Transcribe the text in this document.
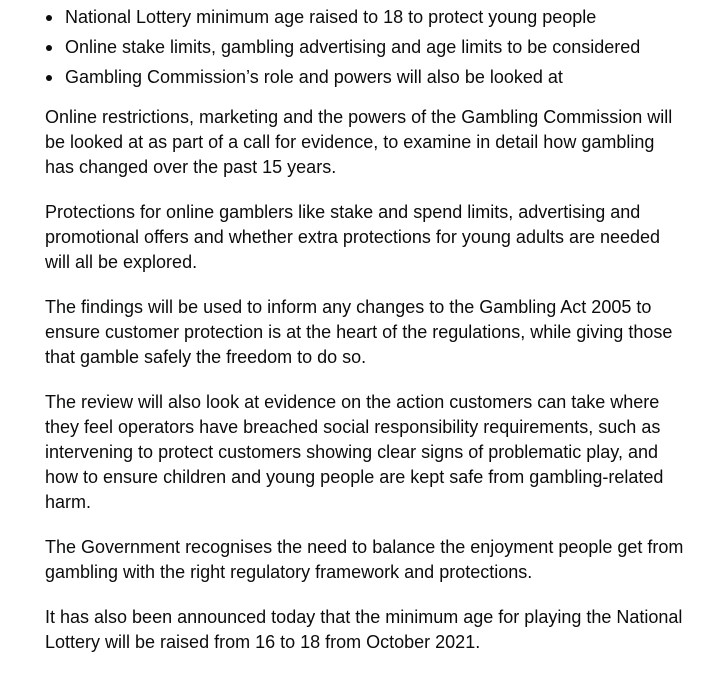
National Lottery minimum age raised to 18 to protect young people
Online stake limits, gambling advertising and age limits to be considered
Gambling Commission’s role and powers will also be looked at

Online restrictions, marketing and the powers of the Gambling Commission will be looked at as part of a call for evidence, to examine in detail how gambling has changed over the past 15 years.

Protections for online gamblers like stake and spend limits, advertising and promotional offers and whether extra protections for young adults are needed will all be explored.

The findings will be used to inform any changes to the Gambling Act 2005 to ensure customer protection is at the heart of the regulations, while giving those that gamble safely the freedom to do so.

The review will also look at evidence on the action customers can take where they feel operators have breached social responsibility requirements, such as intervening to protect customers showing clear signs of problematic play, and how to ensure children and young people are kept safe from gambling-related harm.

The Government recognises the need to balance the enjoyment people get from gambling with the right regulatory framework and protections.

It has also been announced today that the minimum age for playing the National Lottery will be raised from 16 to 18 from October 2021.
